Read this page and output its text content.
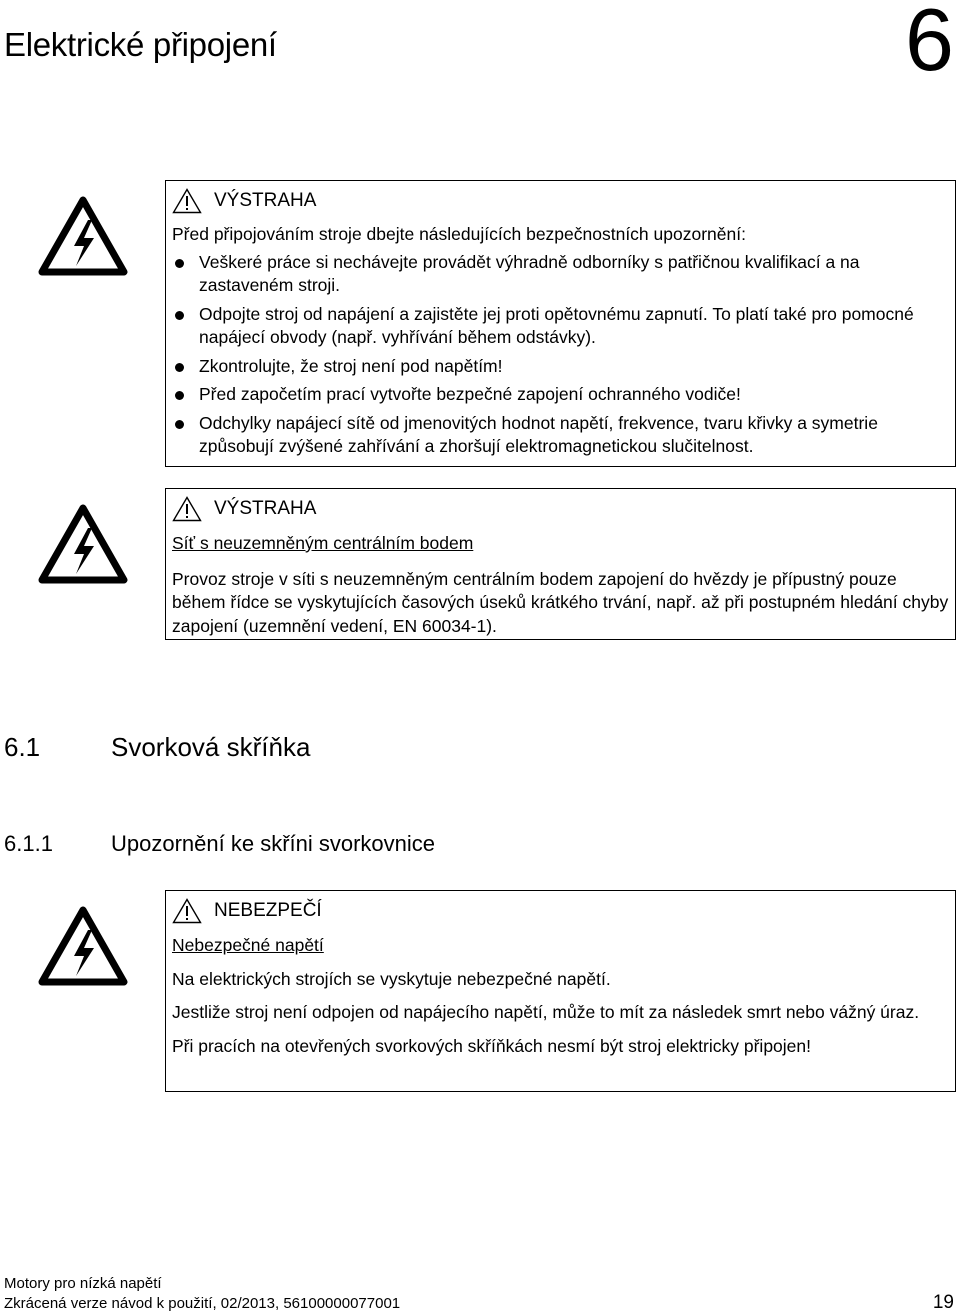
Elektrické připojení	6
VÝSTRAHA

Před připojováním stroje dbejte následujících bezpečnostních upozornění:

Veškeré práce si nechávejte provádět výhradně odborníky s patřičnou kvalifikací a na zastaveném stroji.
Odpojte stroj od napájení a zajistěte jej proti opětovnému zapnutí. To platí také pro pomocné napájecí obvody (např. vyhřívání během odstávky).
Zkontrolujte, že stroj není pod napětím!
Před započetím prací vytvořte bezpečné zapojení ochranného vodiče!
Odchylky napájecí sítě od jmenovitých hodnot napětí, frekvence, tvaru křivky a symetrie způsobují zvýšené zahřívání a zhoršují elektromagnetickou slučitelnost.
VÝSTRAHA

Síť s neuzemněným centrálním bodem

Provoz stroje v síti s neuzemněným centrálním bodem zapojení do hvězdy je přípustný pouze během řídce se vyskytujících časových úseků krátkého trvání, např. až při postupném hledání chyby zapojení (uzemnění vedení, EN 60034-1).

6.1	Svorková skříňka
6.1.1	Upozornění ke skříni svorkovnice
NEBEZPEČÍ

Nebezpečné napětí

Na elektrických strojích se vyskytuje nebezpečné napětí.

Jestliže stroj není odpojen od napájecího napětí, může to mít za následek smrt nebo vážný úraz.

Při pracích na otevřených svorkových skříňkách nesmí být stroj elektricky připojen!

Motory pro nízká napětí
Zkrácená verze návod k použití, 02/2013, 56100000077001	19
